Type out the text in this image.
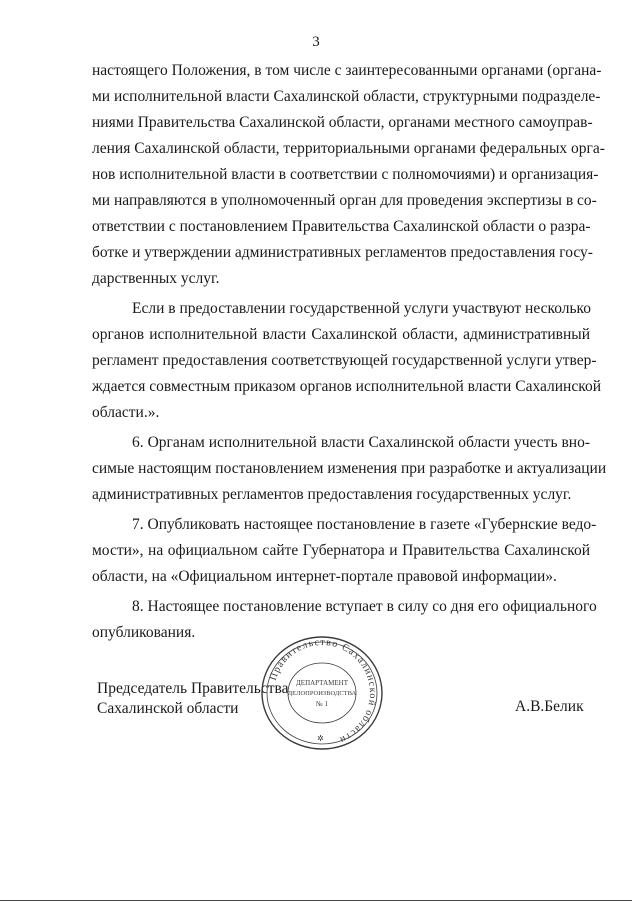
3
настоящего Положения, в том числе с заинтересованными органами (органа-
ми исполнительной власти Сахалинской области, структурными подразделе-
ниями Правительства Сахалинской области, органами местного самоуправ-
ления Сахалинской области, территориальными органами федеральных орга-
нов исполнительной власти в соответствии с полномочиями) и организация-
ми направляются в уполномоченный орган для проведения экспертизы в со-
ответствии с постановлением Правительства Сахалинской области о разра-
ботке и утверждении административных регламентов предоставления госу-
дарственных услуг.
Если в предоставлении государственной услуги участвуют несколько
органов исполнительной власти Сахалинской области, административный
регламент предоставления соответствующей государственной услуги утвер-
ждается совместным приказом органов исполнительной власти Сахалинской
области.».
6. Органам исполнительной власти Сахалинской области учесть вно-
симые настоящим постановлением изменения при разработке и актуализации
административных регламентов предоставления государственных услуг.
7. Опубликовать настоящее постановление в газете «Губернские ведо-
мости», на официальном сайте Губернатора и Правительства Сахалинской
области, на «Официальном интернет-портале правовой информации».
8. Настоящее постановление вступает в силу со дня его официального
опубликования.
Председатель Правительства
Сахалинской области	А.В.Белик
Правительство Сахалинской области
ДЕПАРТАМЕНТ
ДЕЛОПРОИЗВОДСТВА
№ 1
✲
